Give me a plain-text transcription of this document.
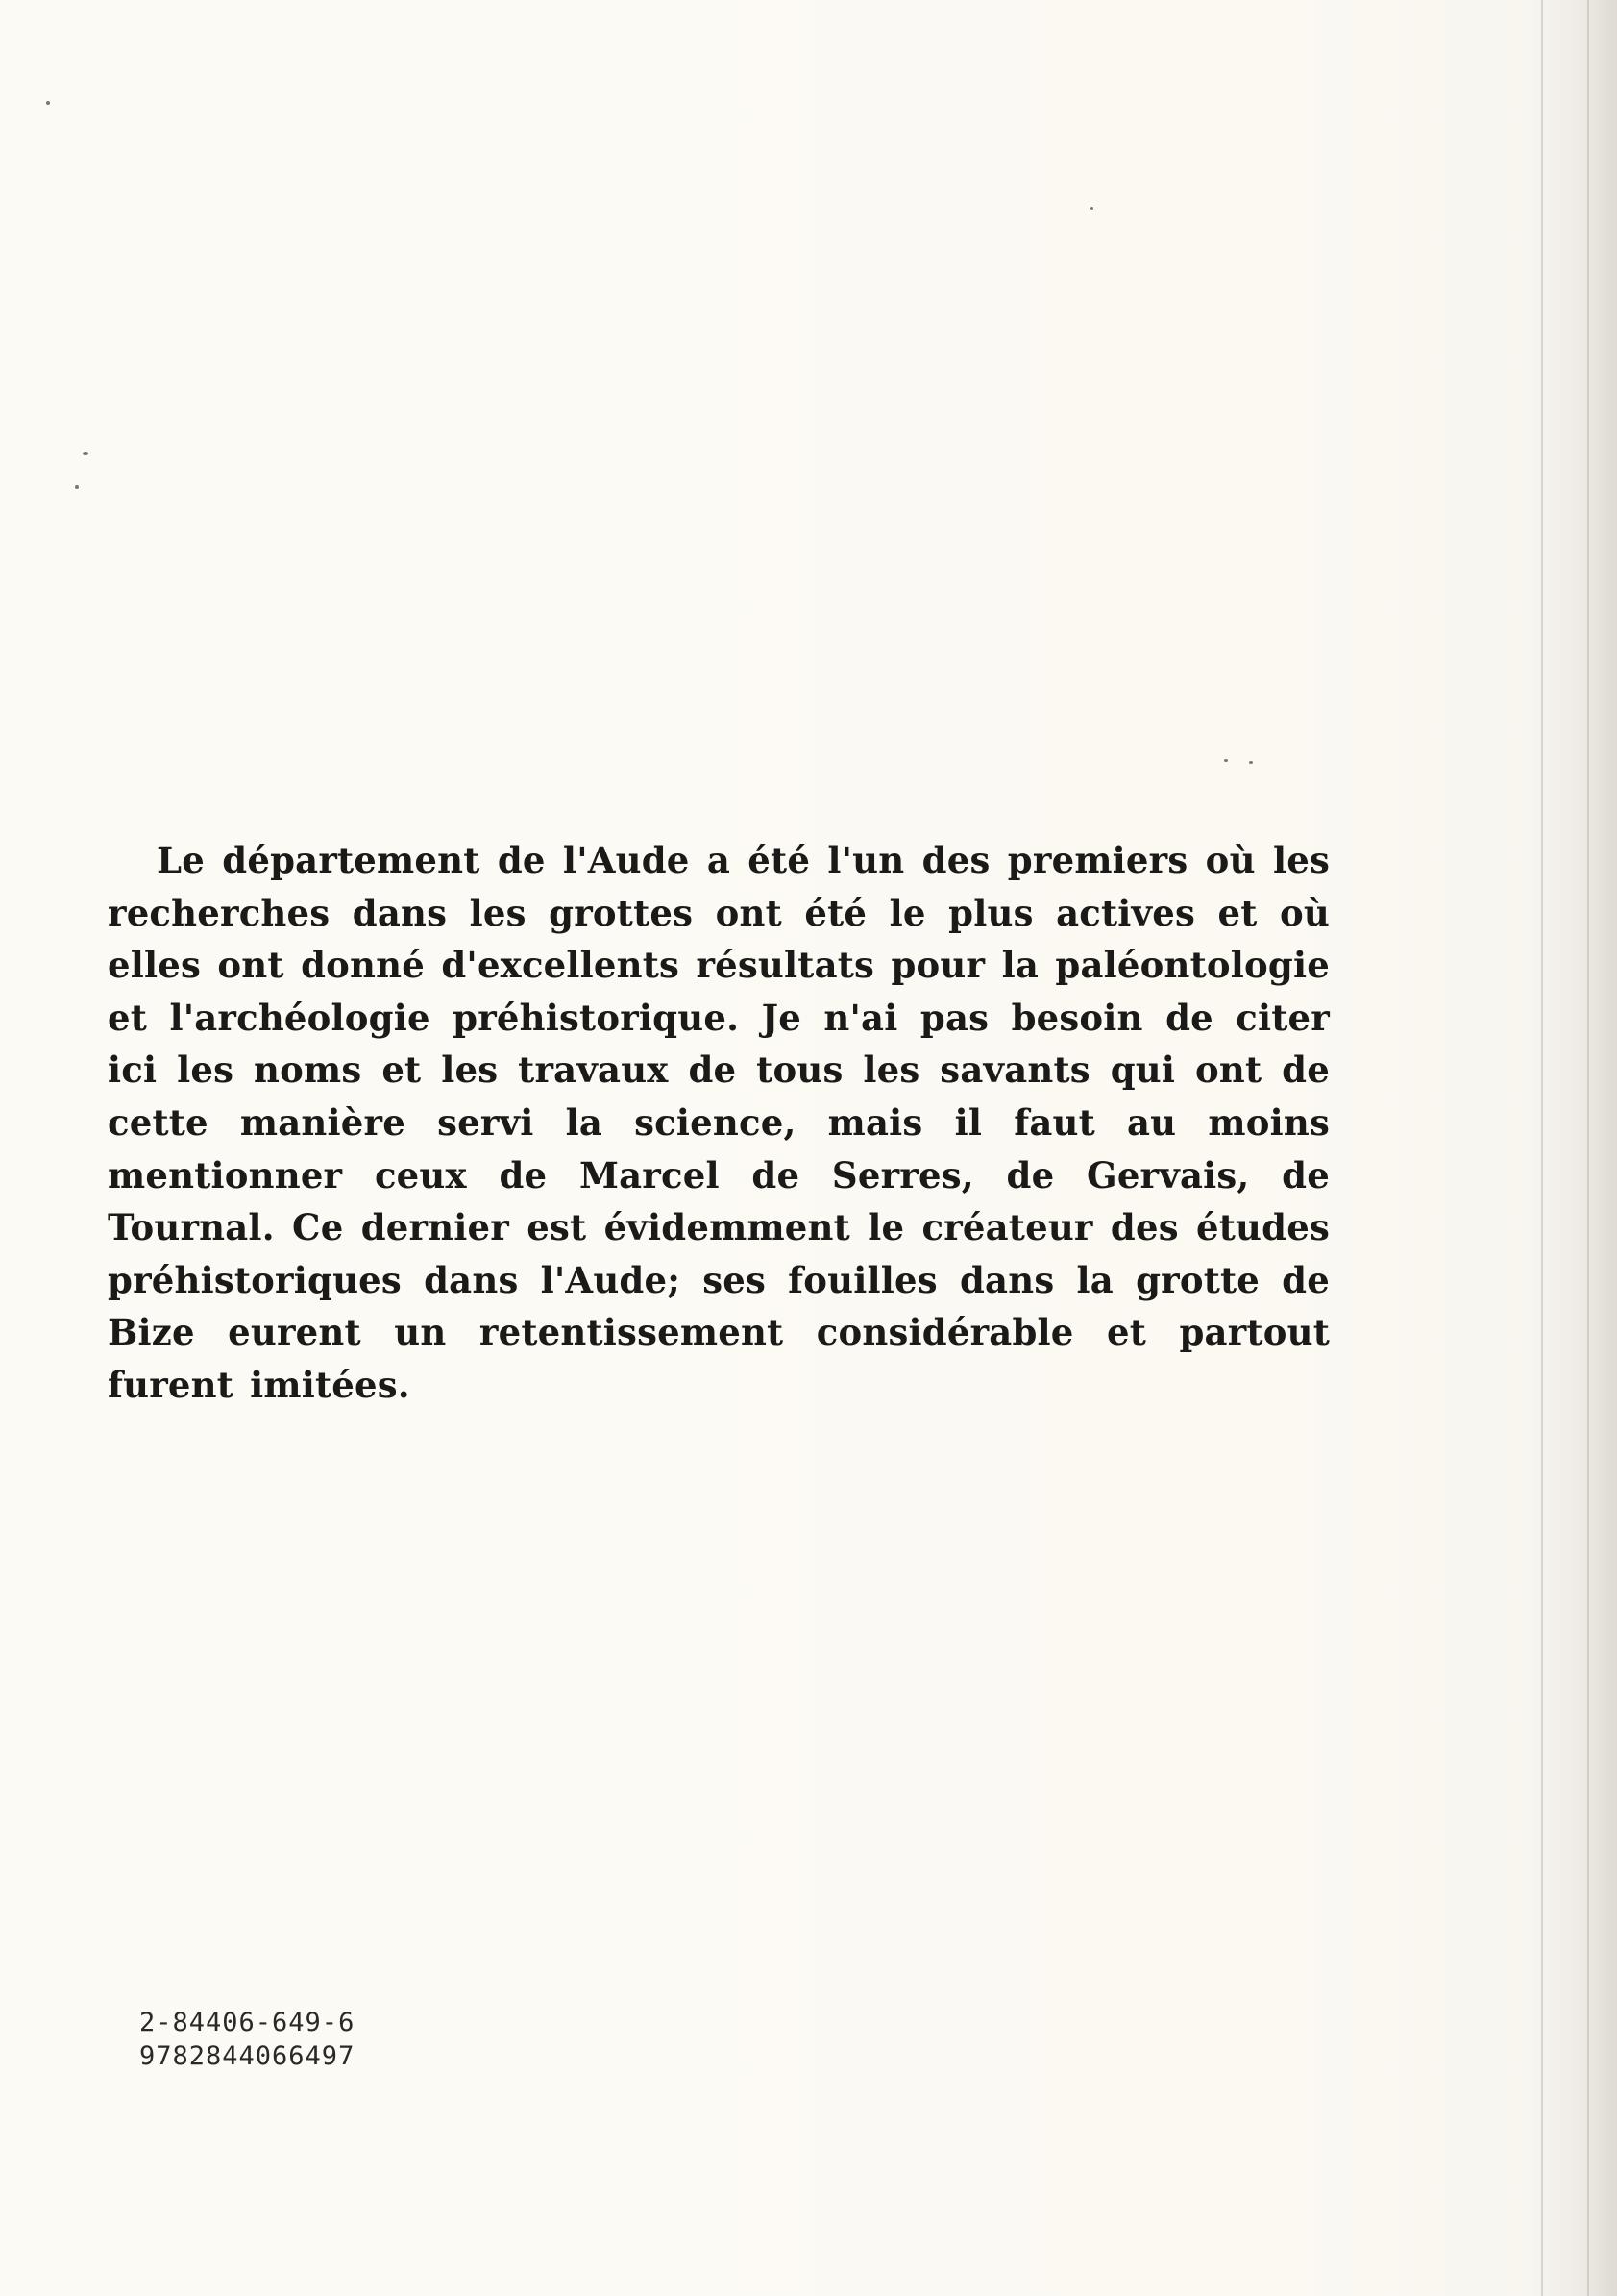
Le département de l'Aude a été l'un des premiers où les recherches dans les grottes ont été le plus actives et où elles ont donné d'excellents résultats pour la paléontologie et l'archéologie préhistorique. Je n'ai pas besoin de citer ici les noms et les travaux de tous les savants qui ont de cette manière servi la science, mais il faut au moins mentionner ceux de Marcel de Serres, de Gervais, de Tournal. Ce dernier est évidemment le créateur des études préhistoriques dans l'Aude; ses fouilles dans la grotte de Bize eurent un retentissement considérable et partout furent imitées.

2-84406-649-6
9782844066497
